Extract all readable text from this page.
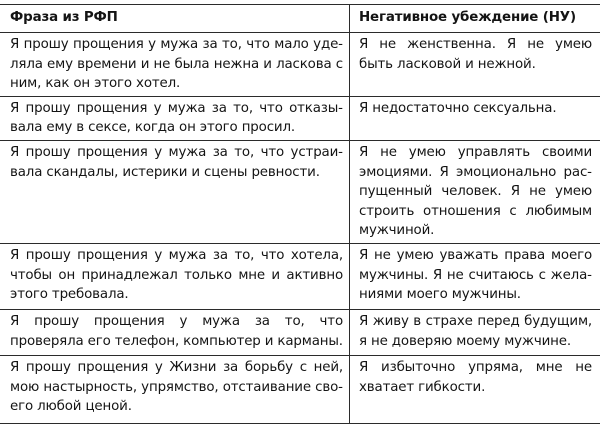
Фраза из РФП	Негативное убеждение (НУ)
Я прошу прощения у мужа за то, что мало уделяла ему времени и не была нежна и ласкова с ним, как он этого хотел.	Я не женственна. Я не умею быть ласковой и нежной.
Я прошу прощения у мужа за то, что отказывала ему в сексе, когда он этого просил.	Я недостаточно сексуальна.
Я прошу прощения у мужа за то, что устраивала скандалы, истерики и сцены ревности.	Я не умею управлять своими эмоциями. Я эмоционально распущенный человек. Я не умею строить отношения с любимым мужчиной.
Я прошу прощения у мужа за то, что хотела, чтобы он принадлежал только мне и активно этого требовала.	Я не умею уважать права моего мужчины. Я не считаюсь с желаниями моего мужчины.
Я прошу прощения у мужа за то, что проверяла его телефон, компьютер и карманы.	Я живу в страхе перед будущим, я не доверяю моему мужчине.
Я прошу прощения у Жизни за борьбу с ней, мою настырность, упрямство, отстаивание своего любой ценой.	Я избыточно упряма, мне не хватает гибкости.
